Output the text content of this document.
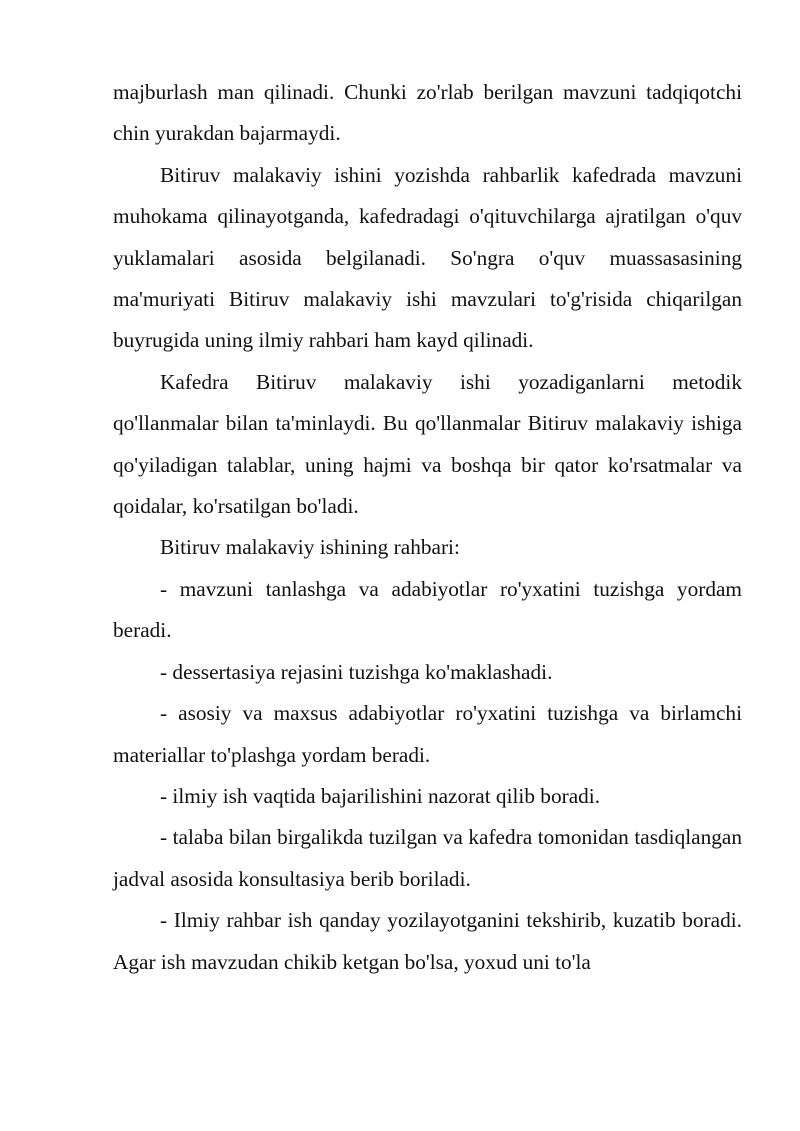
majburlash man qilinadi. Chunki zo'rlab berilgan mavzuni tadqiqotchi chin yurakdan bajarmaydi.

Bitiruv malakaviy ishini yozishda rahbarlik kafedrada mavzuni muhokama qilinayotganda, kafedradagi o'qituvchilarga ajratilgan o'quv yuklamalari asosida belgilanadi. So'ngra o'quv muassasasining ma'muriyati Bitiruv malakaviy ishi mavzulari to'g'risida chiqarilgan buyrugida uning ilmiy rahbari ham kayd qilinadi.

Kafedra Bitiruv malakaviy ishi yozadiganlarni metodik qo'llanmalar bilan ta'minlaydi. Bu qo'llanmalar Bitiruv malakaviy ishiga qo'yiladigan talablar, uning hajmi va boshqa bir qator ko'rsatmalar va qoidalar, ko'rsatilgan bo'ladi.

Bitiruv malakaviy ishining rahbari:

- mavzuni tanlashga va adabiyotlar ro'yxatini tuzishga yordam beradi.

- dessertasiya rejasini tuzishga ko'maklashadi.

- asosiy va maxsus adabiyotlar ro'yxatini tuzishga va birlamchi materiallar to'plashga yordam beradi.

- ilmiy ish vaqtida bajarilishini nazorat qilib boradi.

- talaba bilan birgalikda tuzilgan va kafedra tomonidan tasdiqlangan jadval asosida konsultasiya berib boriladi.

- Ilmiy rahbar ish qanday yozilayotganini tekshirib, kuzatib boradi. Agar ish mavzudan chikib ketgan bo'lsa, yoxud uni to'la
